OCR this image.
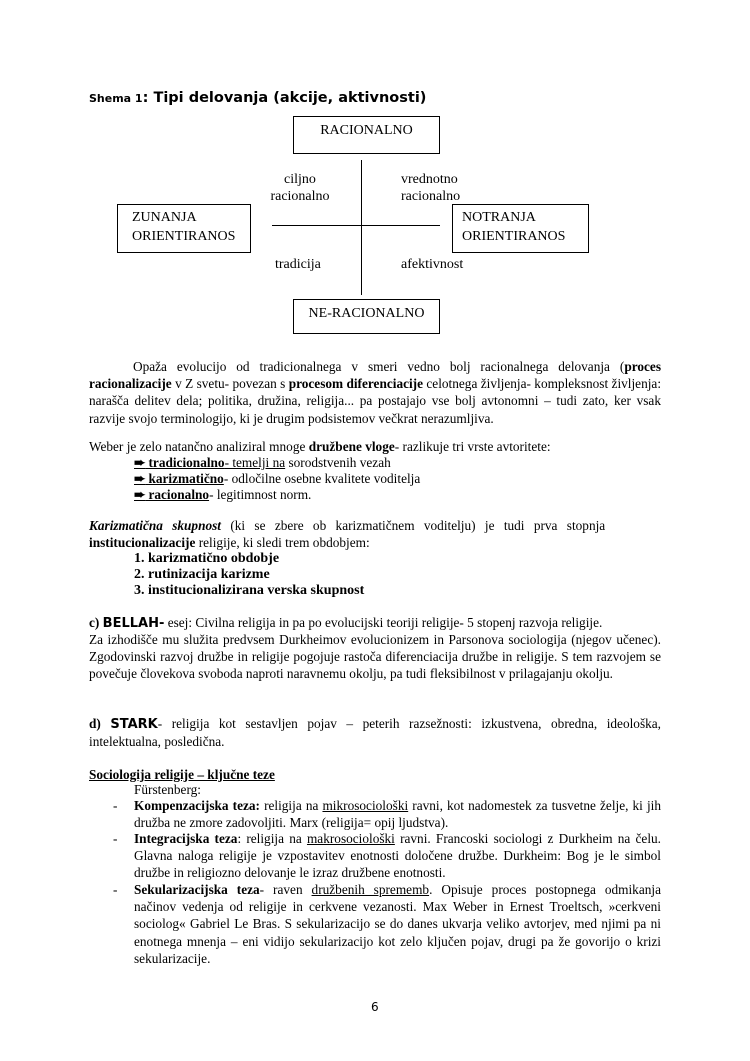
Shema 1: Tipi delovanja (akcije, aktivnosti)
RACIONALNO
ciljno
racionalno
vrednotno
racionalno
ZUNANJA
ORIENTIRANOS
NOTRANJA
ORIENTIRANOS
tradicija	afektivnost
NE-RACIONALNO
Opaža evolucijo od tradicionalnega v smeri vedno bolj racionalnega delovanja (proces racionalizacije v Z svetu- povezan s procesom diferenciacije celotnega življenja- kompleksnost življenja: narašča delitev dela; politika, družina, religija... pa postajajo vse bolj avtonomni – tudi zato, ker vsak razvije svojo terminologijo, ki je drugim podsistemov večkrat nerazumljiva.
Weber je zelo natančno analiziral mnoge družbene vloge- razlikuje tri vrste avtoritete:
➨ tradicionalno- temelji na sorodstvenih vezah
➨ karizmatično- odločilne osebne kvalitete voditelja
➨ racionalno- legitimnost norm.
Karizmatična skupnost (ki se zbere ob karizmatičnem voditelju) je tudi prva stopnja
institucionalizacije religije, ki sledi trem obdobjem:
1. karizmatično obdobje
2. rutinizacija karizme
3. institucionalizirana verska skupnost
c) BELLAH- esej: Civilna religija in pa po evolucijski teoriji religije- 5 stopenj razvoja religije.
Za izhodišče mu služita predvsem Durkheimov evolucionizem in Parsonova sociologija (njegov učenec). Zgodovinski razvoj družbe in religije pogojuje rastoča diferenciacija družbe in religije. S tem razvojem se povečuje človekova svoboda naproti naravnemu okolju, pa tudi fleksibilnost v prilagajanju okolju.
d) STARK- religija kot sestavljen pojav – peterih razsežnosti: izkustvena, obredna, ideološka, intelektualna, posledična.
Sociologija religije – ključne teze
Fürstenberg:
- Kompenzacijska teza: religija na mikrosociološki ravni, kot nadomestek za tusvetne želje, ki jih družba ne zmore zadovoljiti. Marx (religija= opij ljudstva).
- Integracijska teza: religija na makrosociološki ravni. Francoski sociologi z Durkheim na čelu. Glavna naloga religije je vzpostavitev enotnosti določene družbe. Durkheim: Bog je le simbol družbe in religiozno delovanje le izraz družbene enotnosti.
- Sekularizacijska teza- raven družbenih sprememb. Opisuje proces postopnega odmikanja načinov vedenja od religije in cerkvene vezanosti. Max Weber in Ernest Troeltsch, »cerkveni sociolog« Gabriel Le Bras. S sekularizacijo se do danes ukvarja veliko avtorjev, med njimi pa ni enotnega mnenja – eni vidijo sekularizacijo kot zelo ključen pojav, drugi pa že govorijo o krizi sekularizacije.
6
